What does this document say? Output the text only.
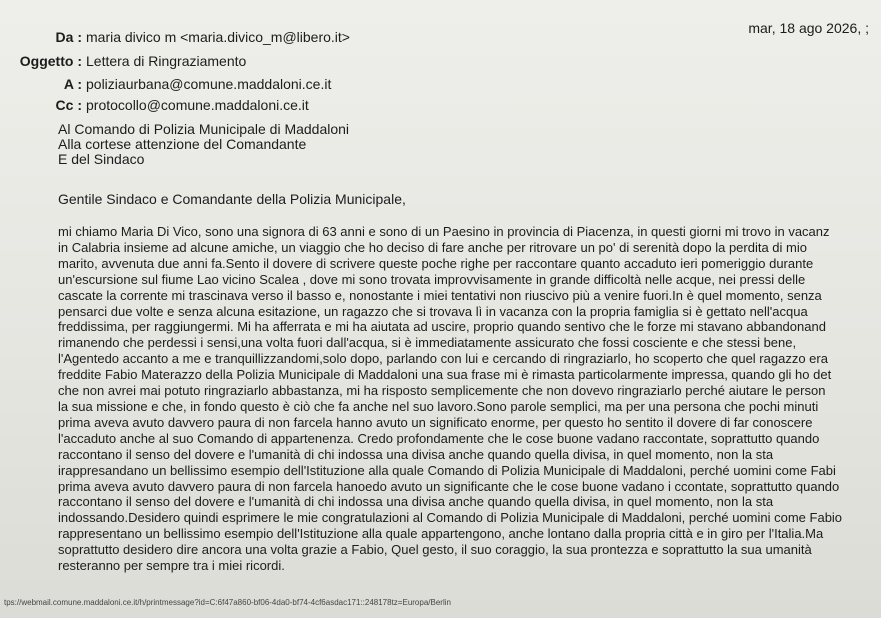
Da : maria divico m <maria.divico_m@libero.it>
mar, 18 ago 2026, ;
Oggetto : Lettera di Ringraziamento
A : poliziaurbana@comune.maddaloni.ce.it
Cc : protocollo@comune.maddaloni.ce.it
Al Comando di Polizia Municipale di Maddaloni
Alla cortese attenzione del Comandante
E del Sindaco
Gentile Sindaco e Comandante della Polizia Municipale,
mi chiamo Maria Di Vico, sono una signora di 63 anni e sono di un Paesino in provincia di Piacenza, in questi giorni mi trovo in vacanz
in Calabria insieme ad alcune amiche, un viaggio che ho deciso di fare anche per ritrovare un po' di serenità dopo la perdita di mio
marito, avvenuta due anni fa.Sento il dovere di scrivere queste poche righe per raccontare quanto accaduto ieri pomeriggio durante
un'escursione sul fiume Lao vicino Scalea , dove mi sono trovata improvvisamente in grande difficoltà nelle acque, nei pressi delle
cascate la corrente mi trascinava verso il basso e, nonostante i miei tentativi non riuscivo più a venire fuori.In è quel momento, senza
pensarci due volte e senza alcuna esitazione, un ragazzo che si trovava lì in vacanza con la propria famiglia si è gettato nell'acqua
freddissima, per raggiungermi. Mi ha afferrata e mi ha aiutata ad uscire, proprio quando sentivo che le forze mi stavano abbandonand
rimanendo che perdessi i sensi,una volta fuori dall'acqua, si è immediatamente assicurato che fossi cosciente e che stessi bene,
l'Agentedo accanto a me e tranquillizzandomi,solo dopo, parlando con lui e cercando di ringraziarlo, ho scoperto che quel ragazzo era
freddite Fabio Materazzo della Polizia Municipale di Maddaloni una sua frase mi è rimasta particolarmente impressa, quando gli ho det
che non avrei mai potuto ringraziarlo abbastanza, mi ha risposto semplicemente che non dovevo ringraziarlo perché aiutare le person
la sua missione e che, in fondo questo è ciò che fa anche nel suo lavoro.Sono parole semplici, ma per una persona che pochi minuti
prima aveva avuto davvero paura di non farcela hanno avuto un significato enorme, per questo ho sentito il dovere di far conoscere
l'accaduto anche al suo Comando di appartenenza. Credo profondamente che le cose buone vadano raccontate, soprattutto quando
raccontano il senso del dovere e l'umanità di chi indossa una divisa anche quando quella divisa, in quel momento, non la sta
irappresandano un bellissimo esempio dell'Istituzione alla quale Comando di Polizia Municipale di Maddaloni, perché uomini come Fabi
prima aveva avuto davvero paura di non farcela hanoedo avuto un significante che le cose buone vadano i ccontate, soprattutto quando
raccontano il senso del dovere e l'umanità di chi indossa una divisa anche quando quella divisa, in quel momento, non la sta
indossando.Desidero quindi esprimere le mie congratulazioni al Comando di Polizia Municipale di Maddaloni, perché uomini come Fabio
rappresentano un bellissimo esempio dell'Istituzione alla quale appartengono, anche lontano dalla propria città e in giro per l'Italia.Ma
soprattutto desidero dire ancora una volta grazie a Fabio, Quel gesto, il suo coraggio, la sua prontezza e soprattutto la sua umanità
resteranno per sempre tra i miei ricordi.
tps://webmail.comune.maddaloni.ce.it/h/printmessage?id=C:6f47a860-bf06-4da0-bf74-4cf6asdac171::248178tz=Europa/Berlin
